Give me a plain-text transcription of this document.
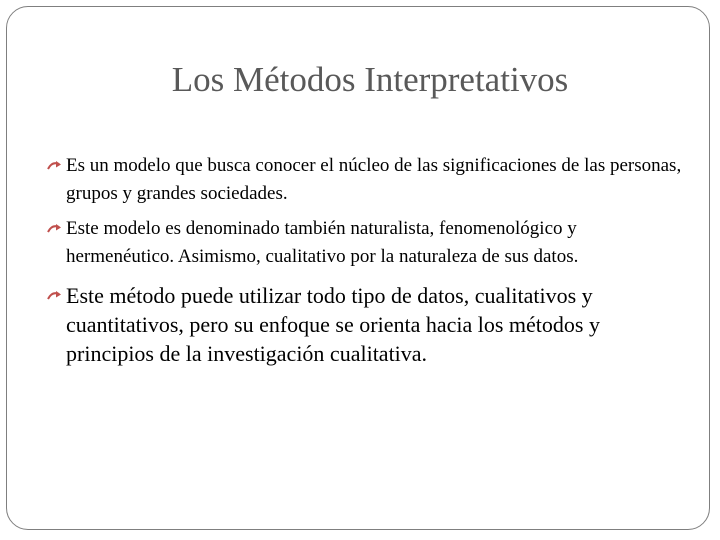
Los Métodos Interpretativos
Es un modelo que busca conocer el núcleo de las significaciones de las personas, grupos y grandes sociedades.
Este modelo es denominado también naturalista, fenomenológico y hermenéutico. Asimismo, cualitativo por la naturaleza de sus datos.
Este método puede utilizar todo tipo de datos, cualitativos y cuantitativos, pero su enfoque se orienta hacia los métodos y principios de la investigación cualitativa.
